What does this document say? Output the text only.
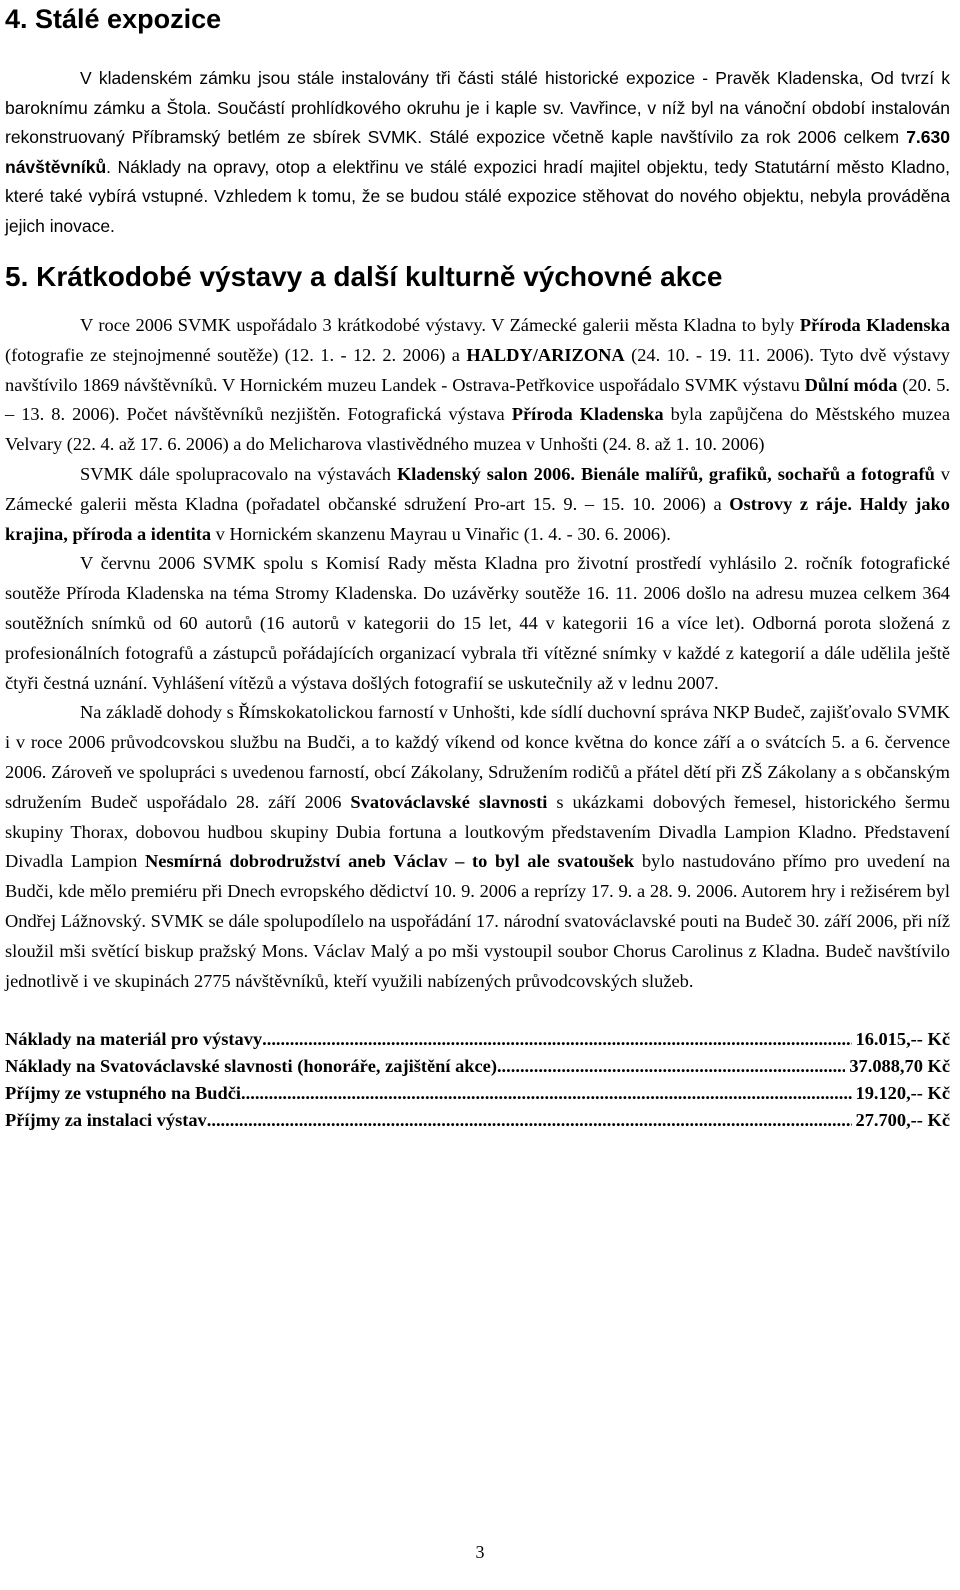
4. Stálé expozice

V kladenském zámku jsou stále instalovány tři části stálé historické expozice - Pravěk Kladenska, Od tvrzí k baroknímu zámku a Štola. Součástí prohlídkového okruhu je i kaple sv. Vavřince, v níž byl na vánoční období instalován rekonstruovaný Příbramský betlém ze sbírek SVMK. Stálé expozice včetně kaple navštívilo za rok 2006 celkem 7.630 návštěvníků. Náklady na opravy, otop a elektřinu ve stálé expozici hradí majitel objektu, tedy Statutární město Kladno, které také vybírá vstupné. Vzhledem k tomu, že se budou stálé expozice stěhovat do nového objektu, nebyla prováděna jejich inovace.

5. Krátkodobé výstavy a další kulturně výchovné akce

V roce 2006 SVMK uspořádalo 3 krátkodobé výstavy. V Zámecké galerii města Kladna to byly Příroda Kladenska (fotografie ze stejnojmenné soutěže) (12. 1. - 12. 2. 2006) a HALDY/ARIZONA (24. 10. - 19. 11. 2006). Tyto dvě výstavy navštívilo 1869 návštěvníků. V Hornickém muzeu Landek - Ostrava-Petřkovice uspořádalo SVMK výstavu Důlní móda (20. 5. – 13. 8. 2006). Počet návštěvníků nezjištěn. Fotografická výstava Příroda Kladenska byla zapůjčena do Městského muzea Velvary (22. 4. až 17. 6. 2006) a do Melicharova vlastivědného muzea v Unhošti (24. 8. až 1. 10. 2006)

SVMK dále spolupracovalo na výstavách Kladenský salon 2006. Bienále malířů, grafiků, sochařů a fotografů v Zámecké galerii města Kladna (pořadatel občanské sdružení Pro-art 15. 9. – 15. 10. 2006) a Ostrovy z ráje. Haldy jako krajina, příroda a identita v Hornickém skanzenu Mayrau u Vinařic (1. 4. - 30. 6. 2006).

V červnu 2006 SVMK spolu s Komisí Rady města Kladna pro životní prostředí vyhlásilo 2. ročník fotografické soutěže Příroda Kladenska na téma Stromy Kladenska. Do uzávěrky soutěže 16. 11. 2006 došlo na adresu muzea celkem 364 soutěžních snímků od 60 autorů (16 autorů v kategorii do 15 let, 44 v kategorii 16 a více let). Odborná porota složená z profesionálních fotografů a zástupců pořádajících organizací vybrala tři vítězné snímky v každé z kategorií a dále udělila ještě čtyři čestná uznání. Vyhlášení vítězů a výstava došlých fotografií se uskutečnily až v lednu 2007.

Na základě dohody s Římskokatolickou farností v Unhošti, kde sídlí duchovní správa NKP Budeč, zajišťovalo SVMK i v roce 2006 průvodcovskou službu na Budči, a to každý víkend od konce května do konce září a o svátcích 5. a 6. července 2006. Zároveň ve spolupráci s uvedenou farností, obcí Zákolany, Sdružením rodičů a přátel dětí při ZŠ Zákolany a s občanským sdružením Budeč uspořádalo 28. září 2006 Svatováclavské slavnosti s ukázkami dobových řemesel, historického šermu skupiny Thorax, dobovou hudbou skupiny Dubia fortuna a loutkovým představením Divadla Lampion Kladno. Představení Divadla Lampion Nesmírná dobrodružství aneb Václav – to byl ale svatoušek bylo nastudováno přímo pro uvedení na Budči, kde mělo premiéru při Dnech evropského dědictví 10. 9. 2006 a reprízy 17. 9. a 28. 9. 2006. Autorem hry i režisérem byl Ondřej Lážnovský. SVMK se dále spolupodílelo na uspořádání 17. národní svatováclavské pouti na Budeč 30. září 2006, při níž sloužil mši světící biskup pražský Mons. Václav Malý a po mši vystoupil soubor Chorus Carolinus z Kladna. Budeč navštívilo jednotlivě i ve skupinách 2775 návštěvníků, kteří využili nabízených průvodcovských služeb.

Náklady na materiál pro výstavy .....	16.015,-- Kč
Náklady na Svatováclavské slavnosti (honoráře, zajištění akce) .....	37.088,70 Kč
Příjmy ze vstupného na Budči .....	19.120,-- Kč
Příjmy za instalaci výstav .....	27.700,-- Kč
3
